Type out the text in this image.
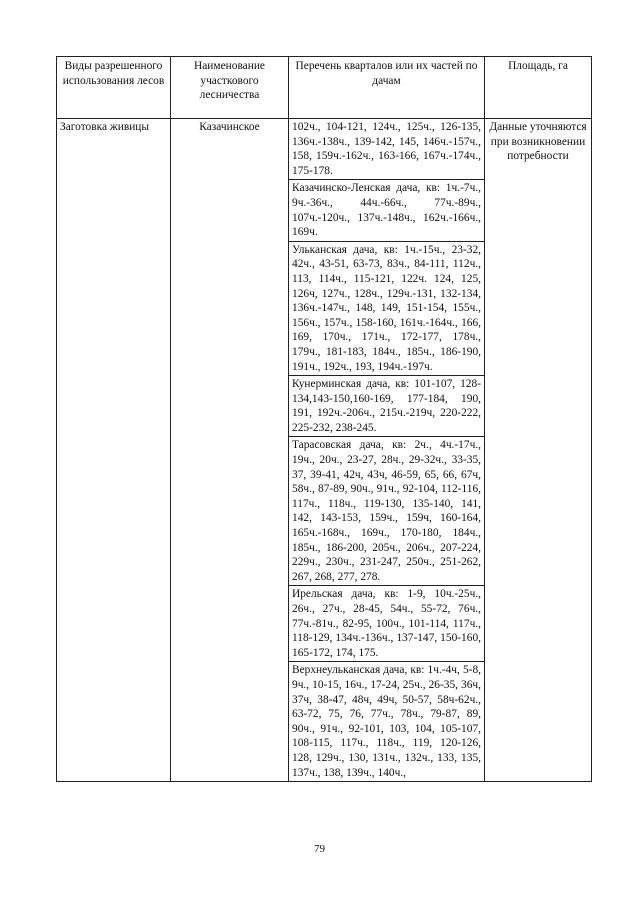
Виды разрешенного использования лесов	Наименование участкового лесничества	Перечень кварталов или их частей по дачам	Площадь, га
Заготовка живицы	Казачинское	102ч., 104-121, 124ч., 125ч., 126-135, 136ч.-138ч., 139-142, 145, 146ч.-157ч., 158, 159ч.-162ч., 163-166, 167ч.-174ч., 175-178.	Данные уточняются при возникновении потребности
		Казачинско-Ленская дача, кв: 1ч.-7ч., 9ч.-36ч., 44ч.-66ч., 77ч.-89ч., 107ч.-120ч., 137ч.-148ч., 162ч.-166ч., 169ч.	
		Ульканская дача, кв: 1ч.-15ч., 23-32, 42ч., 43-51, 63-73, 83ч., 84-111, 112ч., 113, 114ч., 115-121, 122ч. 124, 125, 126ч, 127ч., 128ч., 129ч.-131, 132-134, 136ч.-147ч., 148, 149, 151-154, 155ч., 156ч., 157ч., 158-160, 161ч.-164ч., 166, 169, 170ч., 171ч., 172-177, 178ч., 179ч., 181-183, 184ч., 185ч., 186-190, 191ч., 192ч., 193, 194ч.-197ч.	
		Кунерминская дача, кв: 101-107, 128-134,143-150,160-169, 177-184, 190, 191, 192ч.-206ч., 215ч.-219ч, 220-222, 225-232, 238-245.	
		Тарасовская дача, кв: 2ч., 4ч.-17ч., 19ч., 20ч., 23-27, 28ч., 29-32ч., 33-35, 37, 39-41, 42ч, 43ч, 46-59, 65, 66, 67ч, 58ч., 87-89, 90ч., 91ч., 92-104, 112-116, 117ч., 118ч., 119-130, 135-140, 141, 142, 143-153, 159ч., 159ч, 160-164, 165ч.-168ч., 169ч., 170-180, 184ч., 185ч., 186-200, 205ч., 206ч., 207-224, 229ч., 230ч., 231-247, 250ч., 251-262, 267, 268, 277, 278.	
		Ирельская дача, кв: 1-9, 10ч.-25ч., 26ч., 27ч., 28-45, 54ч., 55-72, 76ч., 77ч.-81ч., 82-95, 100ч., 101-114, 117ч., 118-129, 134ч.-136ч., 137-147, 150-160, 165-172, 174, 175.	
		Верхнеульканская дача, кв: 1ч.-4ч, 5-8, 9ч., 10-15, 16ч., 17-24, 25ч., 26-35, 36ч, 37ч, 38-47, 48ч, 49ч, 50-57, 58ч-62ч., 63-72, 75, 76, 77ч., 78ч., 79-87, 89, 90ч., 91ч., 92-101, 103, 104, 105-107, 108-115, 117ч., 118ч., 119, 120-126, 128, 129ч., 130, 131ч., 132ч., 133, 135, 137ч., 138, 139ч., 140ч.,	
79
